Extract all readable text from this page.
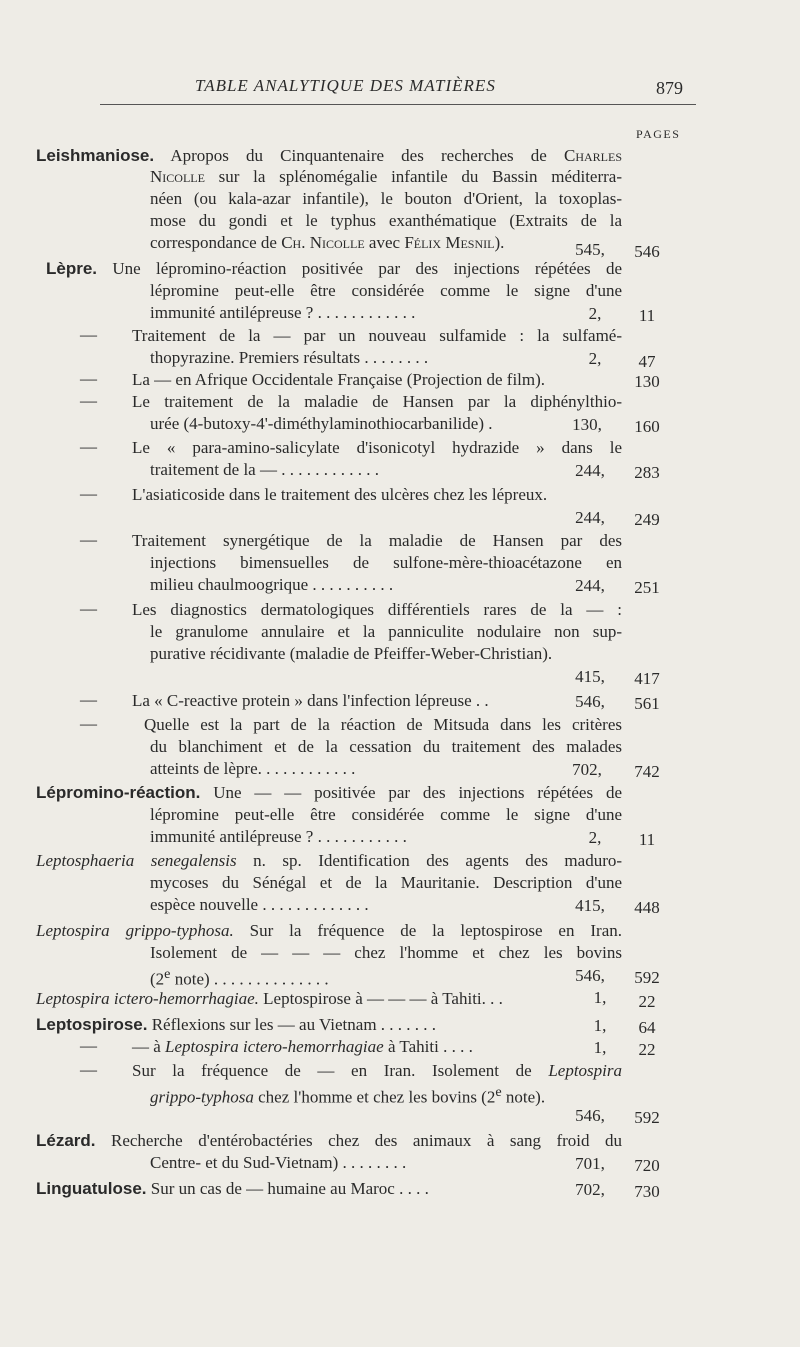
TABLE ANALYTIQUE DES MATIÈRES	879
PAGES
Leishmaniose. Apropos du Cinquantenaire des recherches de Charles
Nicolle sur la splénomégalie infantile du Bassin méditerra-
néen (ou kala-azar infantile), le bouton d'Orient, la toxoplas-
mose du gondi et le typhus exanthématique (Extraits de la
correspondance de Ch. Nicolle avec Félix Mesnil).	545,	546
Lèpre. Une lépromino-réaction positivée par des injections répétées de
lépromine peut-elle être considérée comme le signe d'une
immunité antilépreuse ? . . . . . . . . . . . .	2,	11
— Traitement de la — par un nouveau sulfamide : la sulfamé-
thopyrazine. Premiers résultats . . . . . . . .	2,	47
— La — en Afrique Occidentale Française (Projection de film).	130
— Le traitement de la maladie de Hansen par la diphénylthio-
urée (4-butoxy-4'-diméthylaminothiocarbanilide) .	130,	160
— Le « para-amino-salicylate d'isonicotyl hydrazide » dans le
traitement de la — . . . . . . . . . . . .	244,	283
— L'asiaticoside dans le traitement des ulcères chez les lépreux.
244,	249
— Traitement synergétique de la maladie de Hansen par des
injections bimensuelles de sulfone-mère-thioacétazone en
milieu chaulmoogrique . . . . . . . . . .	244,	251
— Les diagnostics dermatologiques différentiels rares de la — :
le granulome annulaire et la panniculite nodulaire non sup-
purative récidivante (maladie de Pfeiffer-Weber-Christian).
415,	417
— La « C-reactive protein » dans l'infection lépreuse . .	546,	561
—	Quelle est la part de la réaction de Mitsuda dans les critères
du blanchiment et de la cessation du traitement des malades
atteints de lèpre. . . . . . . . . . . .	702,	742
Lépromino-réaction. Une — — positivée par des injections répétées de
lépromine peut-elle être considérée comme le signe d'une
immunité antilépreuse ? . . . . . . . . . . .	2,	11
Leptosphaeria senegalensis n. sp. Identification des agents des maduro-
mycoses du Sénégal et de la Mauritanie. Description d'une
espèce nouvelle . . . . . . . . . . . . .	415,	448
Leptospira grippo-typhosa. Sur la fréquence de la leptospirose en Iran.
Isolement de — — — chez l'homme et chez les bovins
(2e note) . . . . . . . . . . . . . .	546,	592
Leptospira ictero-hemorrhagiae. Leptospirose à — — — à Tahiti. . .	1,	22
Leptospirose. Réflexions sur les — au Vietnam . . . . . . .	1,	64
— — à Leptospira ictero-hemorrhagiae à Tahiti . . . .	1,	22
— Sur la fréquence de — en Iran. Isolement de Leptospira
grippo-typhosa chez l'homme et chez les bovins (2e note).
546,	592
Lézard. Recherche d'entérobactéries chez des animaux à sang froid du
Centre- et du Sud-Vietnam) . . . . . . . .	701,	720
Linguatulose. Sur un cas de — humaine au Maroc . . . .	702,	730
